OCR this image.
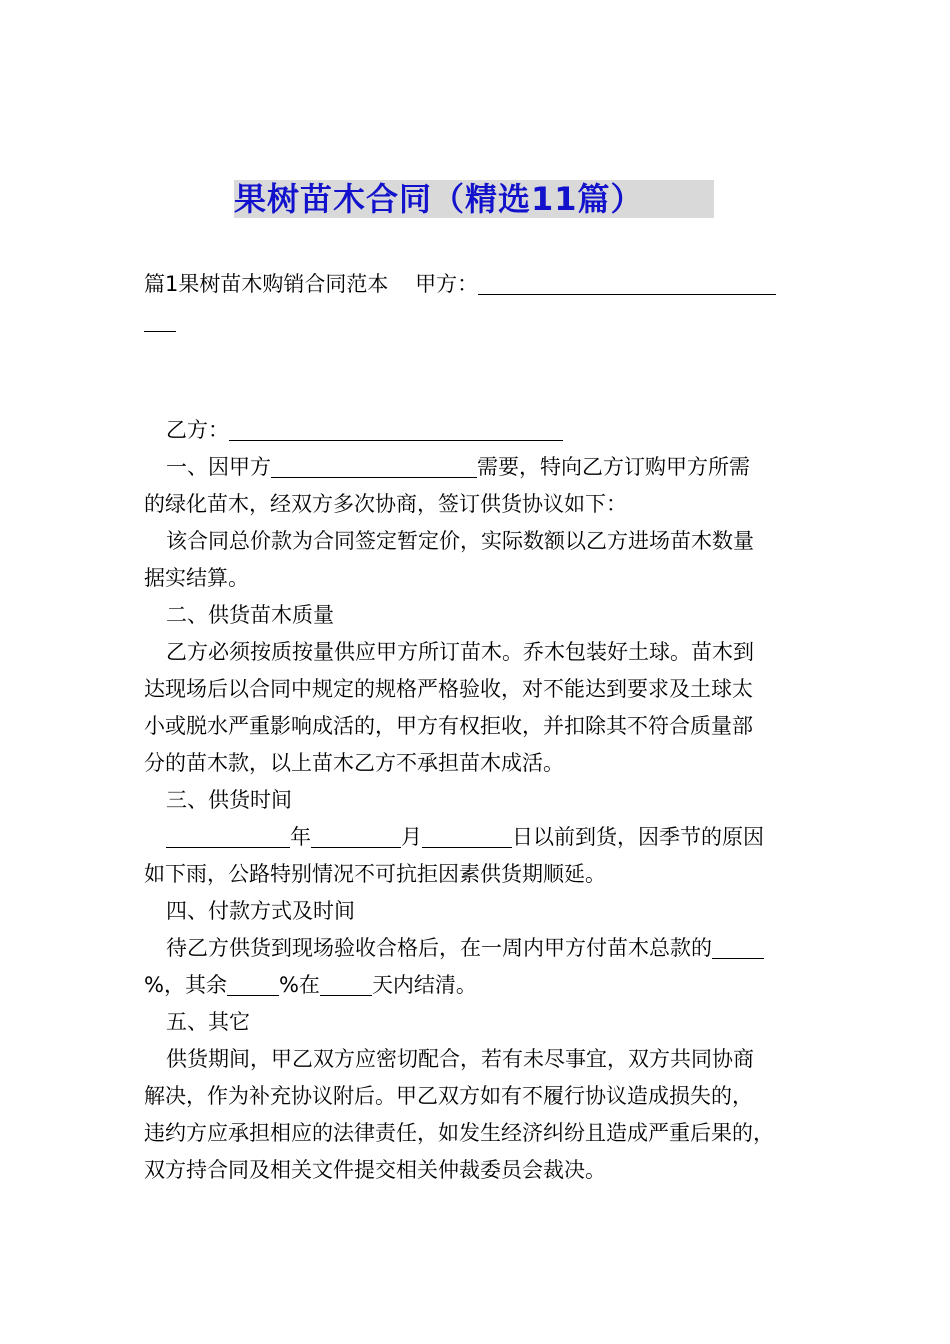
果树苗木合同（精选11篇）

篇1果树苗木购销合同范本 甲方：

乙方：

一、因甲方	需要，特向乙方订购甲方所需

的绿化苗木，经双方多次协商，签订供货协议如下：

该合同总价款为合同签定暂定价，实际数额以乙方进场苗木数量

据实结算。

二、供货苗木质量

乙方必须按质按量供应甲方所订苗木。乔木包装好土球。苗木到

达现场后以合同中规定的规格严格验收，对不能达到要求及土球太

小或脱水严重影响成活的，甲方有权拒收，并扣除其不符合质量部

分的苗木款，以上苗木乙方不承担苗木成活。

三、供货时间

年	月	日以前到货，因季节的原因

如下雨，公路特别情况不可抗拒因素供货期顺延。

四、付款方式及时间

待乙方供货到现场验收合格后，在一周内甲方付苗木总款的

%，其余 %在 天内结清。

五、其它

供货期间，甲乙双方应密切配合，若有未尽事宜，双方共同协商

解决，作为补充协议附后。甲乙双方如有不履行协议造成损失的，

违约方应承担相应的法律责任，如发生经济纠纷且造成严重后果的，

双方持合同及相关文件提交相关仲裁委员会裁决。
